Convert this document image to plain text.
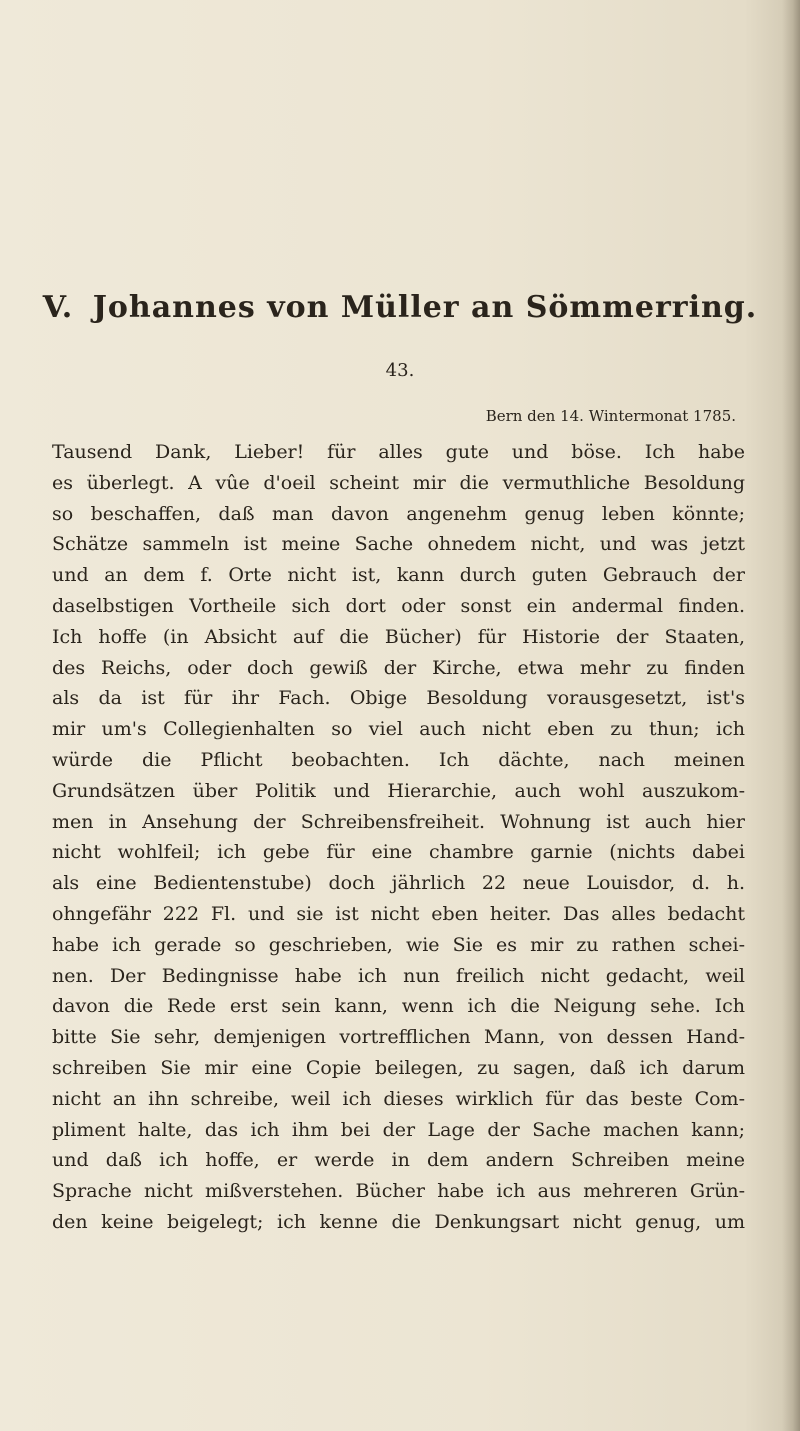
V. Johannes von Müller an Sömmerring.
43.
Bern den 14. Wintermonat 1785.
Tausend Dank, Lieber! für alles gute und böse. Ich habe
es überlegt. A vûe d'oeil scheint mir die vermuthliche Besoldung
so beschaffen, daß man davon angenehm genug leben könnte;
Schätze sammeln ist meine Sache ohnedem nicht, und was jetzt
und an dem f. Orte nicht ist, kann durch guten Gebrauch der
daselbstigen Vortheile sich dort oder sonst ein andermal finden.
Ich hoffe (in Absicht auf die Bücher) für Historie der Staaten,
des Reichs, oder doch gewiß der Kirche, etwa mehr zu finden
als da ist für ihr Fach. Obige Besoldung vorausgesetzt, ist's
mir um's Collegienhalten so viel auch nicht eben zu thun; ich
würde die Pflicht beobachten. Ich dächte, nach meinen
Grundsätzen über Politik und Hierarchie, auch wohl auszukom-
men in Ansehung der Schreibensfreiheit. Wohnung ist auch hier
nicht wohlfeil; ich gebe für eine chambre garnie (nichts dabei
als eine Bedientenstube) doch jährlich 22 neue Louisdor, d. h.
ohngefähr 222 Fl. und sie ist nicht eben heiter. Das alles bedacht
habe ich gerade so geschrieben, wie Sie es mir zu rathen schei-
nen. Der Bedingnisse habe ich nun freilich nicht gedacht, weil
davon die Rede erst sein kann, wenn ich die Neigung sehe. Ich
bitte Sie sehr, demjenigen vortrefflichen Mann, von dessen Hand-
schreiben Sie mir eine Copie beilegen, zu sagen, daß ich darum
nicht an ihn schreibe, weil ich dieses wirklich für das beste Com-
pliment halte, das ich ihm bei der Lage der Sache machen kann;
und daß ich hoffe, er werde in dem andern Schreiben meine
Sprache nicht mißverstehen. Bücher habe ich aus mehreren Grün-
den keine beigelegt; ich kenne die Denkungsart nicht genug, um
